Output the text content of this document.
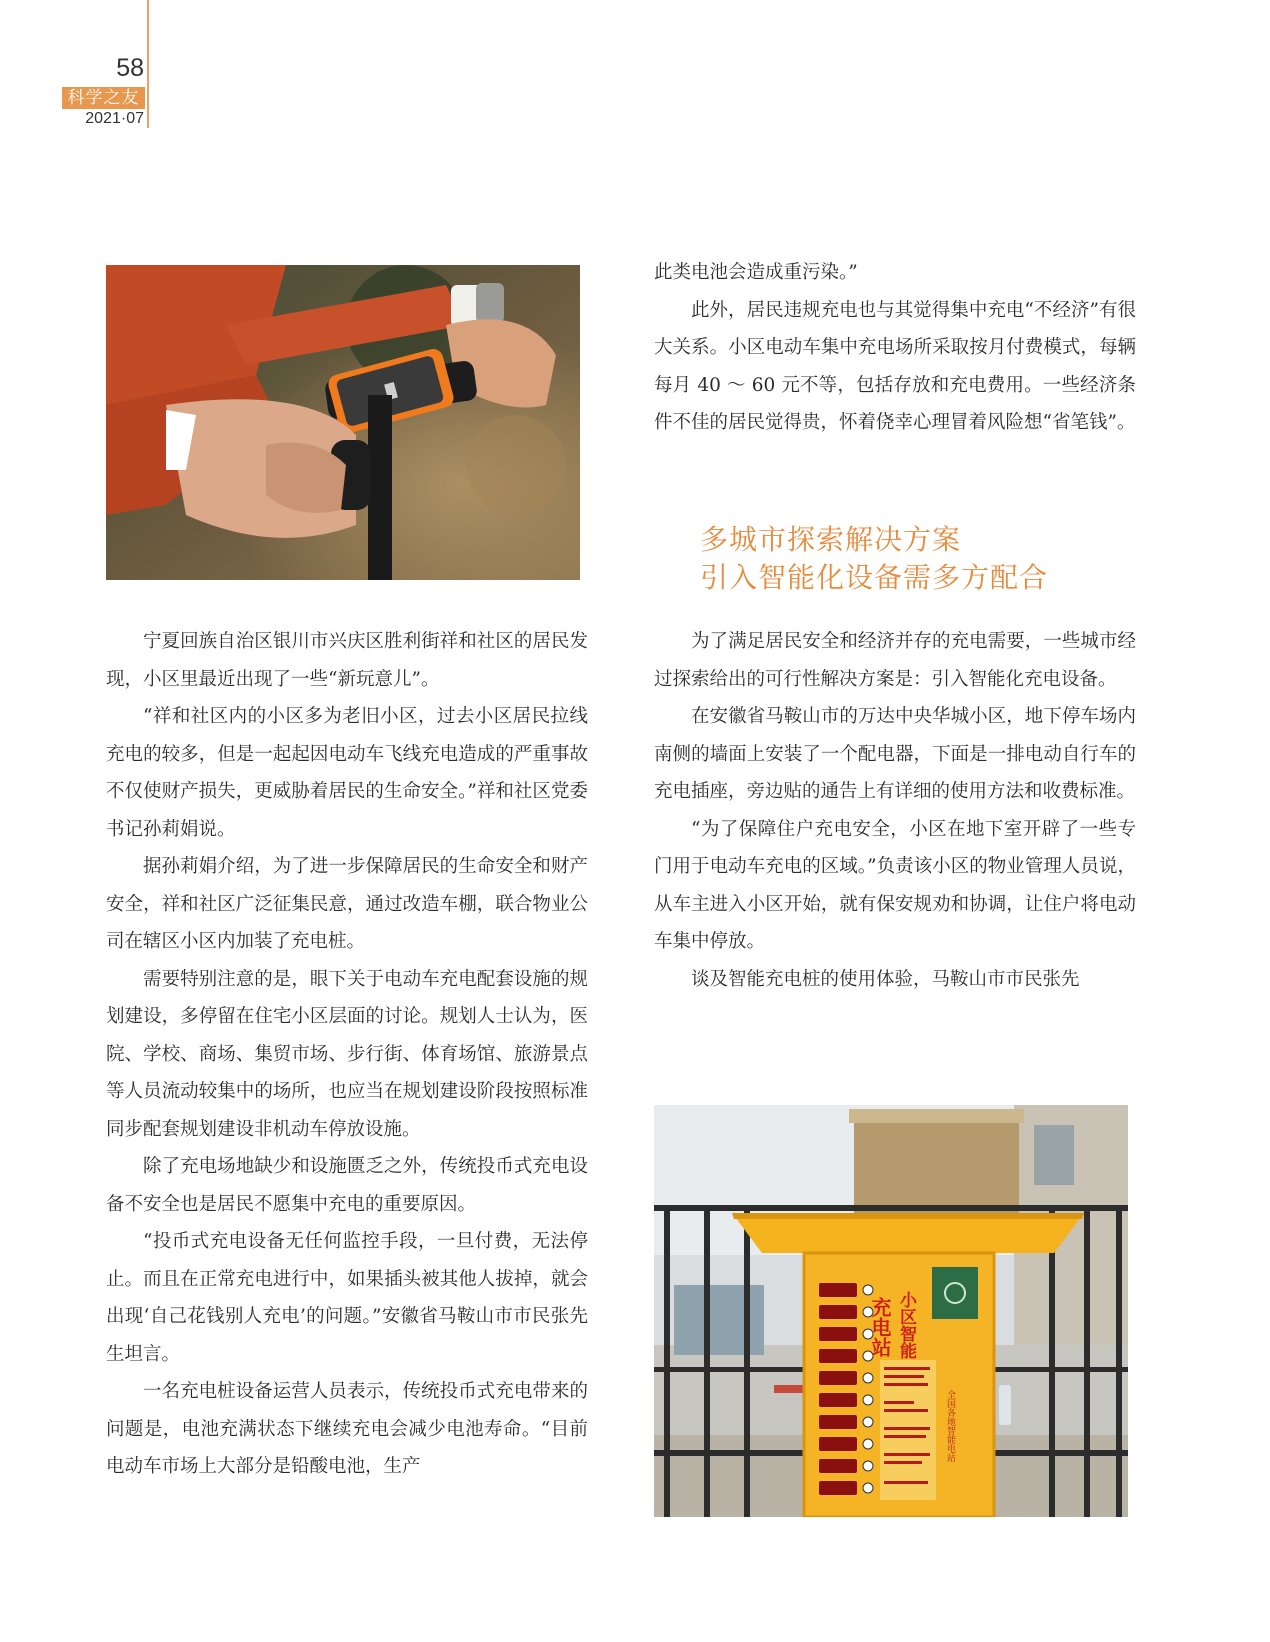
58
科学之友
2021·07

宁夏回族自治区银川市兴庆区胜利街祥和社区的居民发现，小区里最近出现了一些“新玩意儿”。

“祥和社区内的小区多为老旧小区，过去小区居民拉线充电的较多，但是一起起因电动车飞线充电造成的严重事故不仅使财产损失，更威胁着居民的生命安全。”祥和社区党委书记孙莉娟说。

据孙莉娟介绍，为了进一步保障居民的生命安全和财产安全，祥和社区广泛征集民意，通过改造车棚，联合物业公司在辖区小区内加装了充电桩。

需要特别注意的是，眼下关于电动车充电配套设施的规划建设，多停留在住宅小区层面的讨论。规划人士认为，医院、学校、商场、集贸市场、步行街、体育场馆、旅游景点等人员流动较集中的场所，也应当在规划建设阶段按照标准同步配套规划建设非机动车停放设施。

除了充电场地缺少和设施匮乏之外，传统投币式充电设备不安全也是居民不愿集中充电的重要原因。

“投币式充电设备无任何监控手段，一旦付费，无法停止。而且在正常充电进行中，如果插头被其他人拔掉，就会出现‘自己花钱别人充电’的问题。”安徽省马鞍山市市民张先生坦言。

一名充电桩设备运营人员表示，传统投币式充电带来的问题是，电池充满状态下继续充电会减少电池寿命。“目前电动车市场上大部分是铅酸电池，生产

此类电池会造成重污染。”

此外，居民违规充电也与其觉得集中充电“不经济”有很大关系。小区电动车集中充电场所采取按月付费模式，每辆每月 40 ～ 60 元不等，包括存放和充电费用。一些经济条件不佳的居民觉得贵，怀着侥幸心理冒着风险想“省笔钱”。

多城市探索解决方案
引入智能化设备需多方配合

为了满足居民安全和经济并存的充电需要，一些城市经过探索给出的可行性解决方案是：引入智能化充电设备。

在安徽省马鞍山市的万达中央华城小区，地下停车场内南侧的墙面上安装了一个配电器，下面是一排电动自行车的充电插座，旁边贴的通告上有详细的使用方法和收费标准。

“为了保障住户充电安全，小区在地下室开辟了一些专门用于电动车充电的区域。”负责该小区的物业管理人员说，从车主进入小区开始，就有保安规劝和协调，让住户将电动车集中停放。

谈及智能充电桩的使用体验，马鞍山市市民张先

充电站 小区智能
全国各地智能电站
